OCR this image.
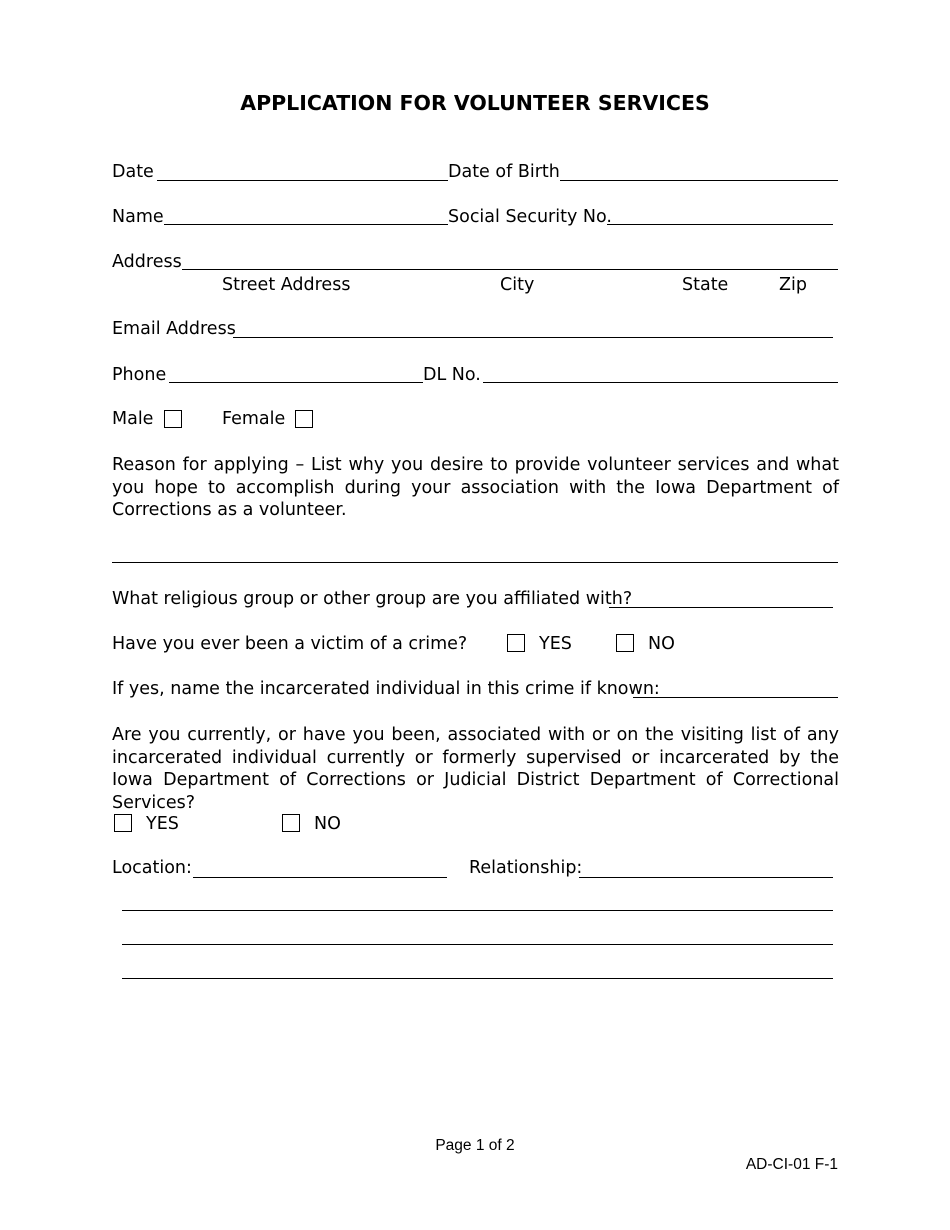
APPLICATION FOR VOLUNTEER SERVICES
Date	Date of Birth
Name	Social Security No.
Address
Street Address	City	State	Zip
Email Address
Phone	DL No.
Male	Female
Reason for applying – List why you desire to provide volunteer services and what you hope to accomplish during your association with the Iowa Department of Corrections as a volunteer.
What religious group or other group are you affiliated with?
Have you ever been a victim of a crime?	YES	NO
If yes, name the incarcerated individual in this crime if known:
Are you currently, or have you been, associated with or on the visiting list of any incarcerated individual currently or formerly supervised or incarcerated by the Iowa Department of Corrections or Judicial District Department of Correctional Services?
YES	NO
Location:	Relationship:
Page 1 of 2
AD-CI-01 F-1
